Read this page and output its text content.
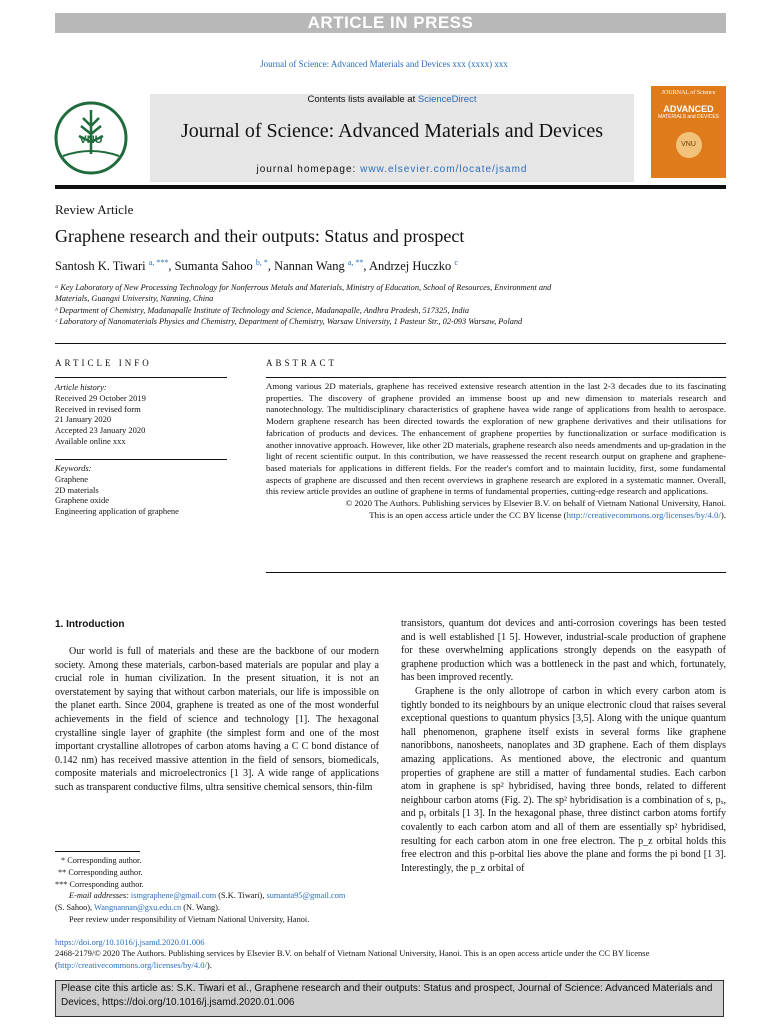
ARTICLE IN PRESS
Journal of Science: Advanced Materials and Devices xxx (xxxx) xxx
VNU
Contents lists available at ScienceDirect
Journal of Science: Advanced Materials and Devices
journal homepage: www.elsevier.com/locate/jsamd
JOURNAL of Science
ADVANCED
MATERIALS and DEVICES
VNU
Review Article
Graphene research and their outputs: Status and prospect
Santosh K. Tiwari $^{a, ***}$, Sumanta Sahoo $^{b, *}$, Nannan Wang $^{a, **}$, Andrzej Huczko $^c$
ᵃ Key Laboratory of New Processing Technology for Nonferrous Metals and Materials, Ministry of Education, School of Resources, Environment and
Materials, Guangxi University, Nanning, China
ᵇ Department of Chemistry, Madanapalle Institute of Technology and Science, Madanapalle, Andhra Pradesh, 517325, India
ᶜ Laboratory of Nanomaterials Physics and Chemistry, Department of Chemistry, Warsaw University, 1 Pasteur Str., 02-093 Warsaw, Poland
ARTICLE INFO	ABSTRACT
Article history:
Received 29 October 2019
Received in revised form
21 January 2020
Accepted 23 January 2020
Available online xxx
Keywords:
Graphene
2D materials
Graphene oxide
Engineering application of graphene
Among various 2D materials, graphene has received extensive research attention in the last 2-3 decades due to its fascinating properties. The discovery of graphene provided an immense boost up and new dimension to materials research and nanotechnology. The multidisciplinary characteristics of graphene havea wide range of applications from health to aerospace. Modern graphene research has been directed towards the exploration of new graphene derivatives and their utilisations for fabrication of products and devices. The enhancement of graphene properties by functionalization or surface modification is another innovative approach. However, like other 2D materials, graphene research also needs amendments and up-gradation in the light of recent scientific output. In this contribution, we have reassessed the recent research output on graphene and graphene-based materials for applications in different fields. For the reader's comfort and to maintain lucidity, first, some fundamental aspects of graphene are discussed and then recent overviews in graphene research are explored in a systematic manner. Overall, this review article provides an outline of graphene in terms of fundamental properties, cutting-edge research and applications.
© 2020 The Authors. Publishing services by Elsevier B.V. on behalf of Vietnam National University, Hanoi.
This is an open access article under the CC BY license (http://creativecommons.org/licenses/by/4.0/).
1. Introduction

Our world is full of materials and these are the backbone of our modern society. Among these materials, carbon-based materials are popular and play a crucial role in human civilization. In the present situation, it is not an overstatement by saying that without carbon materials, our life is impossible on the planet earth. Since 2004, graphene is treated as one of the most wonderful achievements in the field of science and technology [1]. The hexagonal crystalline single layer of graphite (the simplest form and one of the most important crystalline allotropes of carbon atoms having a C C bond distance of 0.142 nm) has received massive attention in the field of sensors, biomedicals, composite materials and microelectronics [1 3]. A wide range of applications such as transparent conductive films, ultra sensitive chemical sensors, thin-film

transistors, quantum dot devices and anti-corrosion coverings has been tested and is well established [1 5]. However, industrial-scale production of graphene for these overwhelming applications strongly depends on the easypath of graphene production which was a bottleneck in the past and which, fortunately, has been improved recently.

Graphene is the only allotrope of carbon in which every carbon atom is tightly bonded to its neighbours by an unique electronic cloud that raises several exceptional questions to quantum physics [3,5]. Along with the unique quantum hall phenomenon, graphene itself exists in several forms like graphene nanoribbons, nanosheets, nanoplates and 3D graphene. Each of them displays amazing applications. As mentioned above, the electronic and quantum properties of graphene are still a matter of fundamental studies. Each carbon atom in graphene is sp² hybridised, having three bonds, related to different neighbour carbon atoms (Fig. 2). The sp² hybridisation is a combination of s, pₓ, and pᵧ orbitals [1 3]. In the hexagonal phase, three distinct carbon atoms fortify covalently to each carbon atom and all of them are essentially sp² hybridised, resulting for each carbon atom in one free electron. The p_z orbital holds this free electron and this p-orbital lies above the plane and forms the pi bond [1 3]. Interestingly, the p_z orbital of

* Corresponding author.
** Corresponding author.
*** Corresponding author.
E-mail addresses: ismgraphene@gmail.com (S.K. Tiwari), sumanta95@gmail.com
(S. Sahoo), Wangnannan@gxu.edu.cn (N. Wang).
Peer review under responsibility of Vietnam National University, Hanoi.
https://doi.org/10.1016/j.jsamd.2020.01.006
2468-2179/© 2020 The Authors. Publishing services by Elsevier B.V. on behalf of Vietnam National University, Hanoi. This is an open access article under the CC BY license
(http://creativecommons.org/licenses/by/4.0/).
Please cite this article as: S.K. Tiwari et al., Graphene research and their outputs: Status and prospect, Journal of Science: Advanced Materials and Devices, https://doi.org/10.1016/j.jsamd.2020.01.006
